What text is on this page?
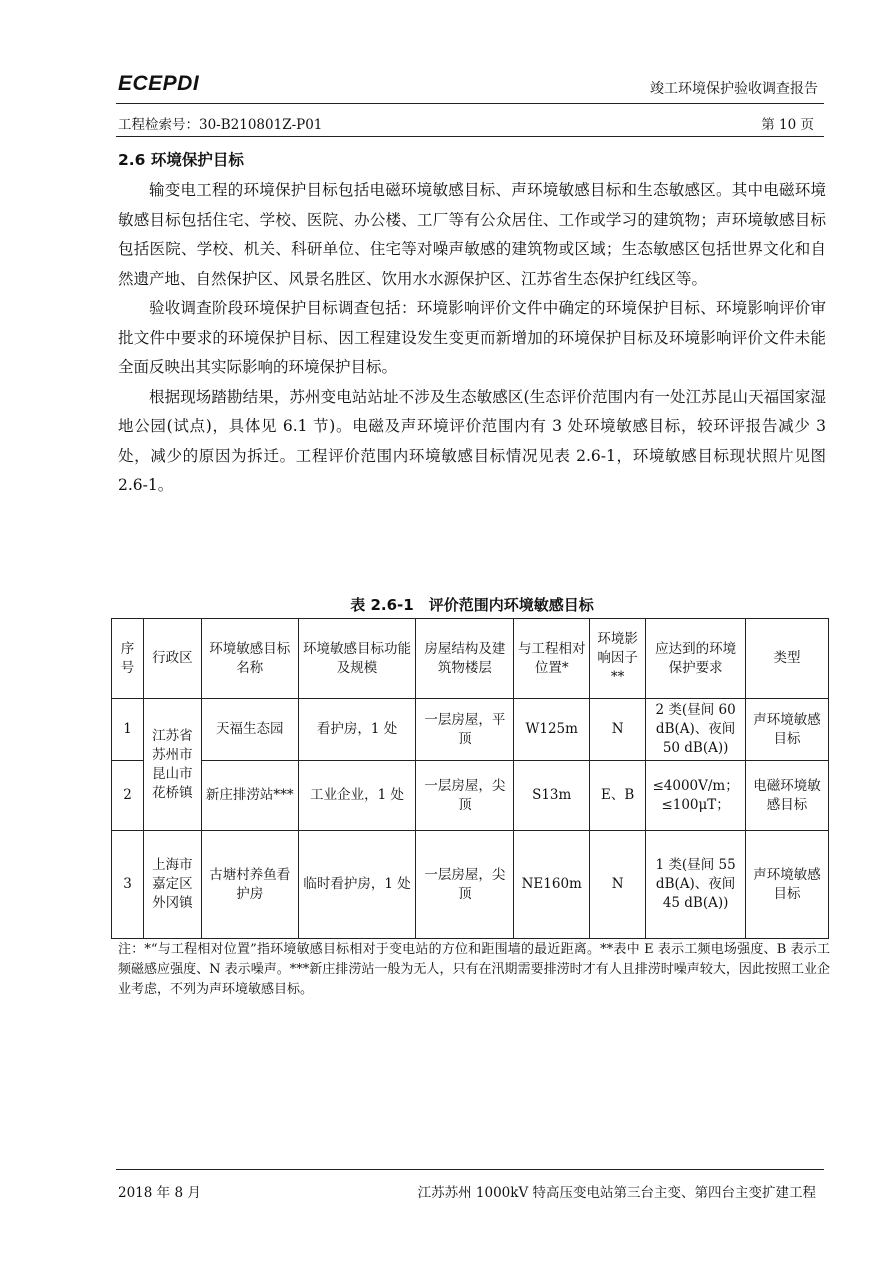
ECEPDI	竣工环境保护验收调查报告
工程检索号：30-B210801Z-P01	第 10 页
2.6 环境保护目标

输变电工程的环境保护目标包括电磁环境敏感目标、声环境敏感目标和生态敏感区。其中电磁环境敏感目标包括住宅、学校、医院、办公楼、工厂等有公众居住、工作或学习的建筑物；声环境敏感目标包括医院、学校、机关、科研单位、住宅等对噪声敏感的建筑物或区域；生态敏感区包括世界文化和自然遗产地、自然保护区、风景名胜区、饮用水水源保护区、江苏省生态保护红线区等。

验收调查阶段环境保护目标调查包括：环境影响评价文件中确定的环境保护目标、环境影响评价审批文件中要求的环境保护目标、因工程建设发生变更而新增加的环境保护目标及环境影响评价文件未能全面反映出其实际影响的环境保护目标。

根据现场踏勘结果，苏州变电站站址不涉及生态敏感区(生态评价范围内有一处江苏昆山天福国家湿地公园(试点)，具体见 6.1 节)。电磁及声环境评价范围内有 3 处环境敏感目标，较环评报告减少 3 处，减少的原因为拆迁。工程评价范围内环境敏感目标情况见表 2.6-1，环境敏感目标现状照片见图 2.6-1。

表 2.6-1　评价范围内环境敏感目标
序号	行政区	环境敏感目标名称	环境敏感目标功能及规模	房屋结构及建筑物楼层	与工程相对位置*	环境影响因子**	应达到的环境保护要求	类型
1	江苏省苏州市昆山市花桥镇	天福生态园	看护房，1 处	一层房屋，平顶	W125m	N	2 类(昼间 60 dB(A)、夜间 50 dB(A))	声环境敏感目标
2		新庄排涝站***	工业企业，1 处	一层房屋，尖顶	S13m	E、B	≤4000V/m；≤100μT；	电磁环境敏感目标
3	上海市嘉定区外冈镇	古塘村养鱼看护房	临时看护房，1 处	一层房屋，尖顶	NE160m	N	1 类(昼间 55 dB(A)、夜间 45 dB(A))	声环境敏感目标
注：*“与工程相对位置”指环境敏感目标相对于变电站的方位和距围墙的最近距离。**表中 E 表示工频电场强度、B 表示工频磁感应强度、N 表示噪声。***新庄排涝站一般为无人，只有在汛期需要排涝时才有人且排涝时噪声较大，因此按照工业企业考虑，不列为声环境敏感目标。
2018 年 8 月	江苏苏州 1000kV 特高压变电站第三台主变、第四台主变扩建工程
